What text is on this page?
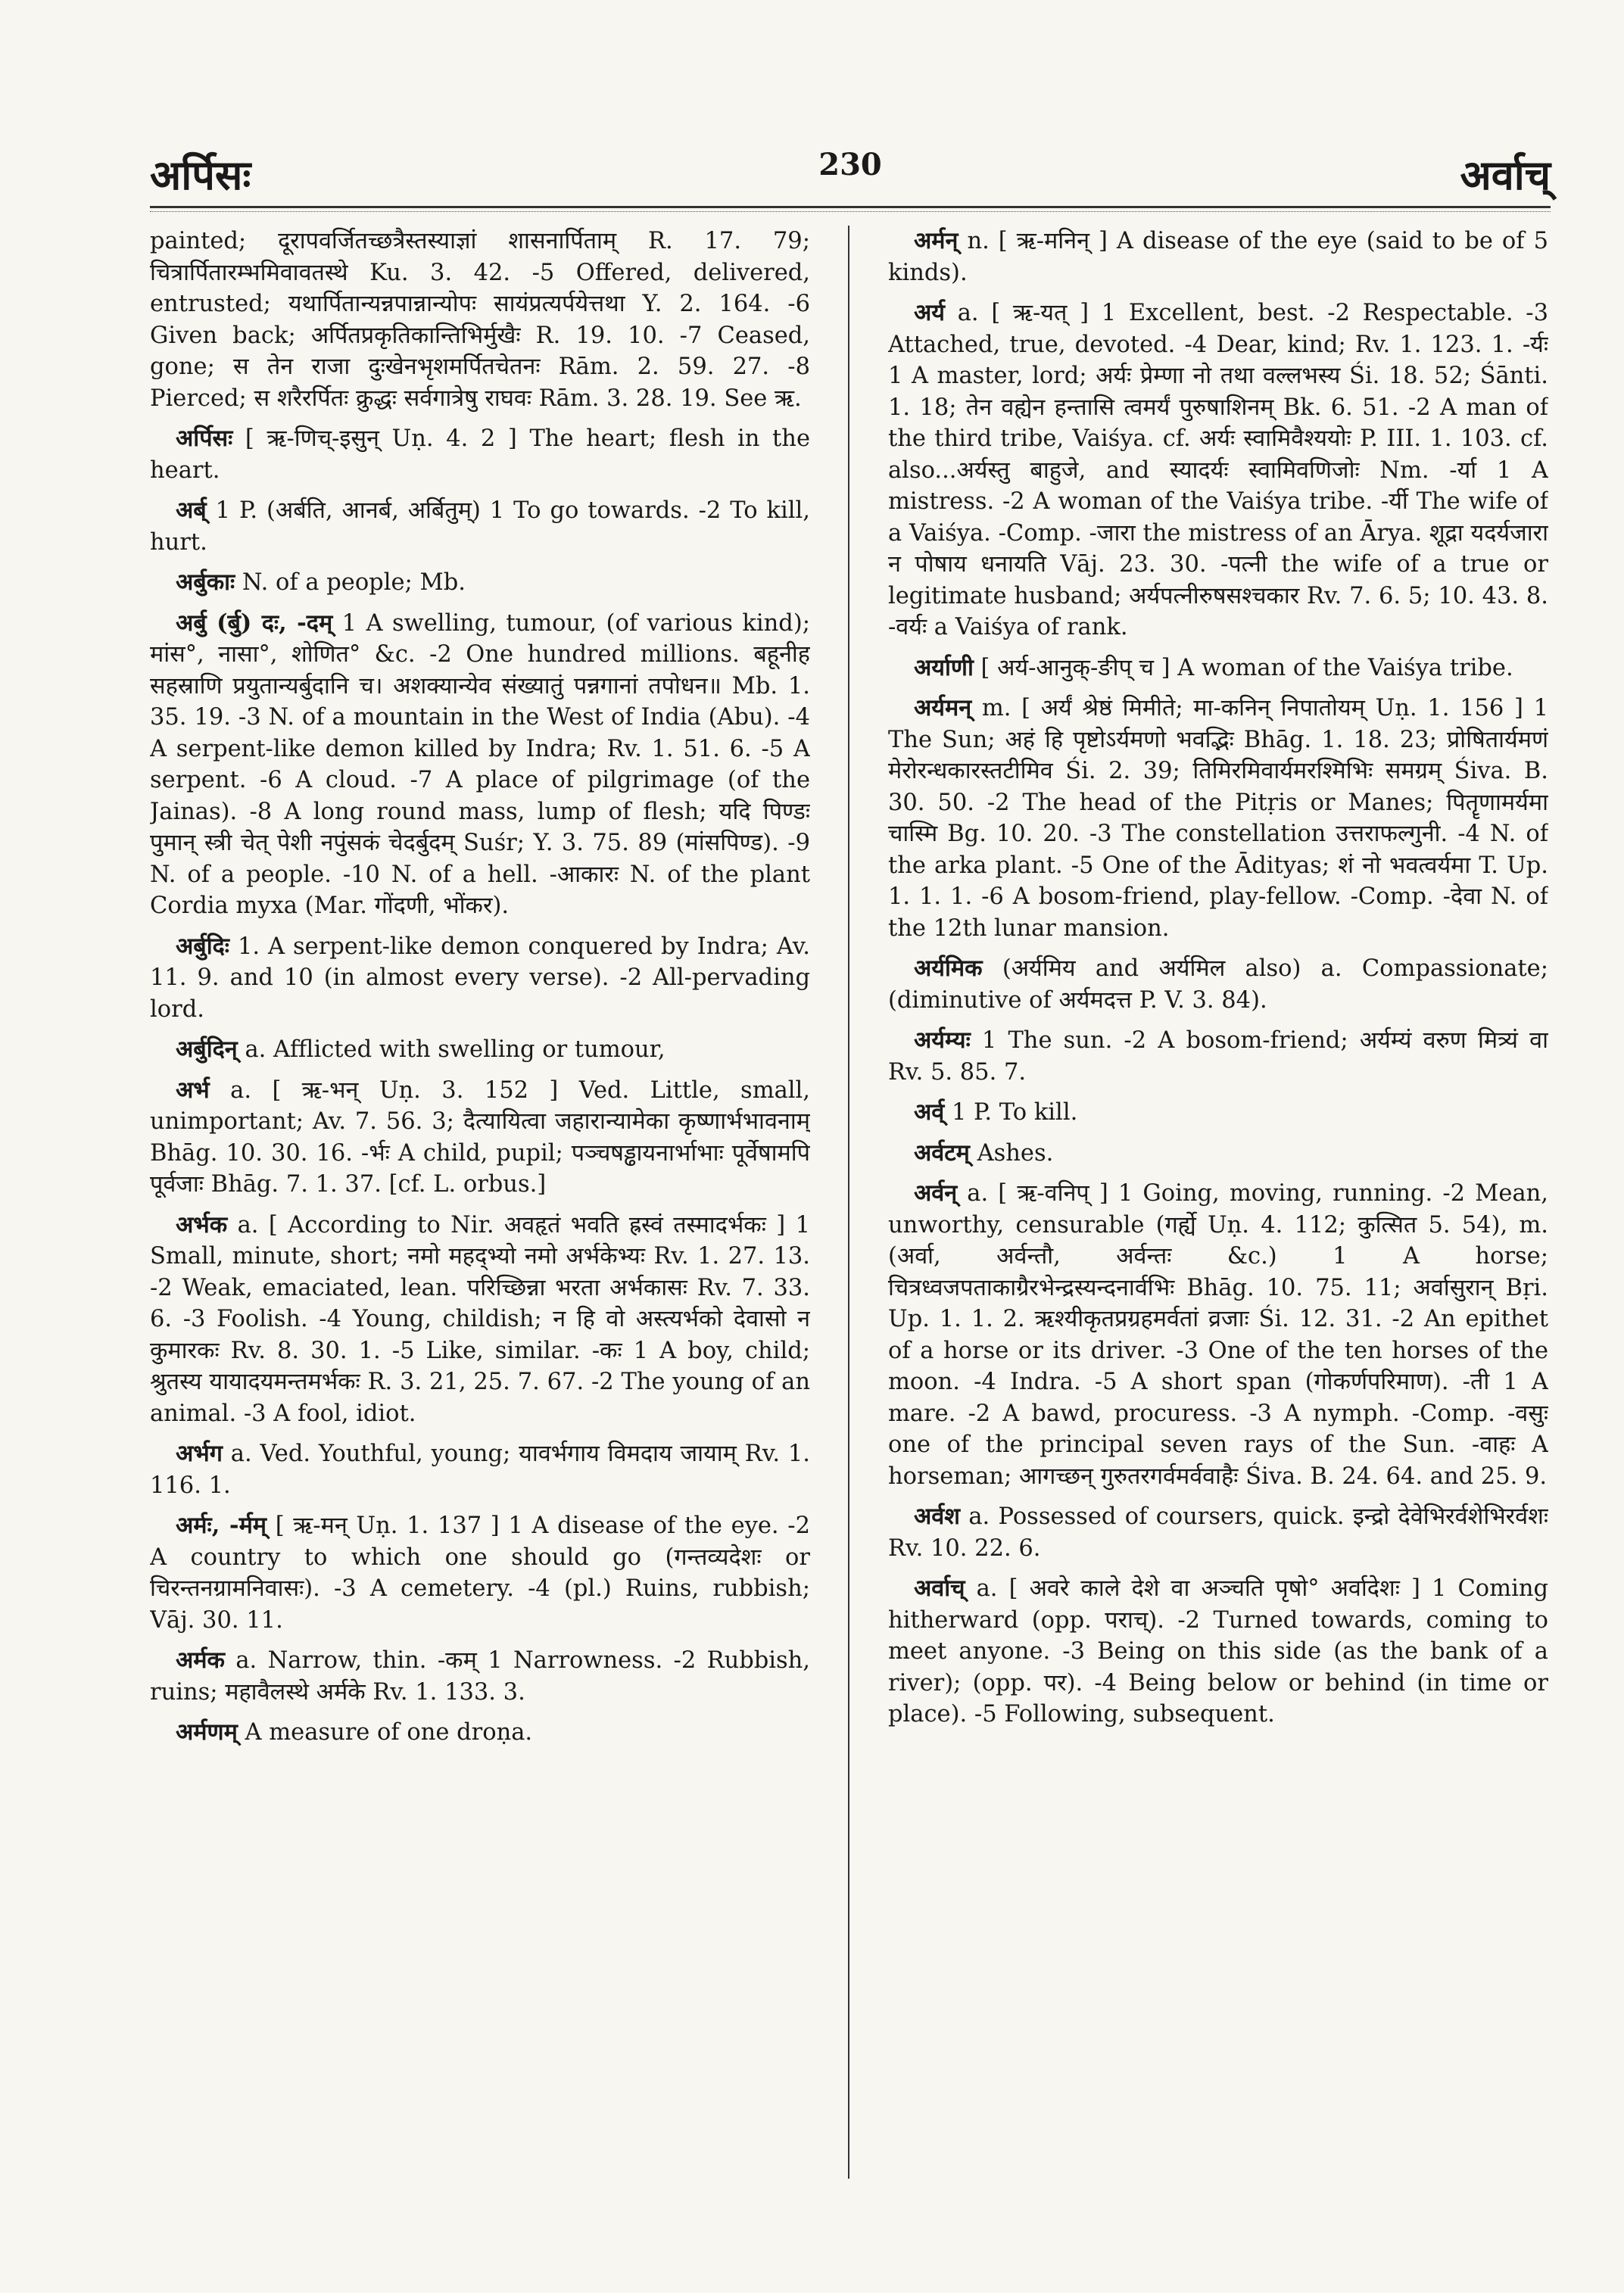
अर्पिसः	230	अर्वाच्

painted; दूरापवर्जितच्छत्रैस्तस्याज्ञां शासनार्पिताम् R. 17. 79; चित्रार्पितारम्भमिवावतस्थे Ku. 3. 42. -5 Offered, delivered, entrusted; यथार्पितान्यन्नपान्नान्योपः सायंप्रत्यर्पयेत्तथा Y. 2. 164. -6 Given back; अर्पितप्रकृतिकान्तिभिर्मुखैः R. 19. 10. -7 Ceased, gone; स तेन राजा दुःखेनभृशमर्पितचेतनः Rām. 2. 59. 27. -8 Pierced; स शरैरर्पितः क्रुद्धः सर्वगात्रेषु राघवः Rām. 3. 28. 19. See ऋ.

अर्पिसः [ ऋ-णिच्-इसुन् Uṇ. 4. 2 ] The heart; flesh in the heart.

अर्ब् 1 P. (अर्बति, आनर्ब, अर्बितुम्) 1 To go towards. -2 To kill, hurt.

अर्बुकाः N. of a people; Mb.

अर्बु (र्बु) दः, -दम् 1 A swelling, tumour, (of various kind); मांस°, नासा°, शोणित° &c. -2 One hundred millions. बहूनीह सहस्राणि प्रयुतान्यर्बुदानि च। अशक्यान्येव संख्यातुं पन्नगानां तपोधन॥ Mb. 1. 35. 19. -3 N. of a mountain in the West of India (Abu). -4 A serpent-like demon killed by Indra; Rv. 1. 51. 6. -5 A serpent. -6 A cloud. -7 A place of pilgrimage (of the Jainas). -8 A long round mass, lump of flesh; यदि पिण्डः पुमान् स्त्री चेत् पेशी नपुंसकं चेदर्बुदम् Suśr; Y. 3. 75. 89 (मांसपिण्ड). -9 N. of a people. -10 N. of a hell. -आकारः N. of the plant Cordia myxa (Mar. गोंदणी, भोंकर).

अर्बुदिः 1. A serpent-like demon conquered by Indra; Av. 11. 9. and 10 (in almost every verse). -2 All-pervading lord.

अर्बुदिन् a. Afflicted with swelling or tumour,

अर्भ a. [ ऋ-भन् Uṇ. 3. 152 ] Ved. Little, small, unimportant; Av. 7. 56. 3; दैत्यायित्वा जहारान्यामेका कृष्णार्भभावनाम् Bhāg. 10. 30. 16. -र्भः A child, pupil; पञ्चषड्ढायनार्भाभाः पूर्वेषामपि पूर्वजाः Bhāg. 7. 1. 37. [cf. L. orbus.]

अर्भक a. [ According to Nir. अवहृतं भवति ह्रस्वं तस्मादर्भकः ] 1 Small, minute, short; नमो महद्भ्यो नमो अर्भकेभ्यः Rv. 1. 27. 13. -2 Weak, emaciated, lean. परिच्छिन्ना भरता अर्भकासः Rv. 7. 33. 6. -3 Foolish. -4 Young, childish; न हि वो अस्त्यर्भको देवासो न कुमारकः Rv. 8. 30. 1. -5 Like, similar. -कः 1 A boy, child; श्रुतस्य यायादयमन्तमर्भकः R. 3. 21, 25. 7. 67. -2 The young of an animal. -3 A fool, idiot.

अर्भग a. Ved. Youthful, young; यावर्भगाय विमदाय जायाम् Rv. 1. 116. 1.

अर्मः, -र्मम् [ ऋ-मन् Uṇ. 1. 137 ] 1 A disease of the eye. -2 A country to which one should go (गन्तव्यदेशः or चिरन्तनग्रामनिवासः). -3 A cemetery. -4 (pl.) Ruins, rubbish; Vāj. 30. 11.

अर्मक a. Narrow, thin. -कम् 1 Narrowness. -2 Rubbish, ruins; महावैलस्थे अर्मके Rv. 1. 133. 3.

अर्मणम् A measure of one droṇa.

अर्मन् n. [ ऋ-मनिन् ] A disease of the eye (said to be of 5 kinds).

अर्य a. [ ऋ-यत् ] 1 Excellent, best. -2 Respectable. -3 Attached, true, devoted. -4 Dear, kind; Rv. 1. 123. 1. -र्यः 1 A master, lord; अर्यः प्रेम्णा नो तथा वल्लभस्य Śi. 18. 52; Śānti. 1. 18; तेन वह्येन हन्तासि त्वमर्यं पुरुषाशिनम् Bk. 6. 51. -2 A man of the third tribe, Vaiśya. cf. अर्यः स्वामिवैश्ययोः P. III. 1. 103. cf. also...अर्यस्तु बाहुजे, and स्यादर्यः स्वामिवणिजोः Nm. -र्या 1 A mistress. -2 A woman of the Vaiśya tribe. -र्यी The wife of a Vaiśya. -Comp. -जारा the mistress of an Ārya. शूद्रा यदर्यजारा न पोषाय धनायति Vāj. 23. 30. -पत्नी the wife of a true or legitimate husband; अर्यपत्नीरुषसश्चकार Rv. 7. 6. 5; 10. 43. 8. -वर्यः a Vaiśya of rank.

अर्याणी [ अर्य-आनुक्-ङीप् च ] A woman of the Vaiśya tribe.

अर्यमन् m. [ अर्यं श्रेष्ठं मिमीते; मा-कनिन् निपातोयम् Uṇ. 1. 156 ] 1 The Sun; अहं हि पृष्टोऽर्यमणो भवद्भिः Bhāg. 1. 18. 23; प्रोषितार्यमणं मेरोरन्धकारस्तटीमिव Śi. 2. 39; तिमिरमिवार्यमरश्मिभिः समग्रम् Śiva. B. 30. 50. -2 The head of the Pitṛis or Manes; पितॄणामर्यमा चास्मि Bg. 10. 20. -3 The constellation उत्तराफल्गुनी. -4 N. of the arka plant. -5 One of the Ādityas; शं नो भवत्वर्यमा T. Up. 1. 1. 1. -6 A bosom-friend, play-fellow. -Comp. -देवा N. of the 12th lunar mansion.

अर्यमिक (अर्यमिय and अर्यमिल also) a. Compassionate; (diminutive of अर्यमदत्त P. V. 3. 84).

अर्यम्यः 1 The sun. -2 A bosom-friend; अर्यम्यं वरुण मित्र्यं वा Rv. 5. 85. 7.

अर्व् 1 P. To kill.

अर्वटम् Ashes.

अर्वन् a. [ ऋ-वनिप् ] 1 Going, moving, running. -2 Mean, unworthy, censurable (गर्ह्ये Uṇ. 4. 112; कुत्सित 5. 54), m. (अर्वा, अर्वन्तौ, अर्वन्तः &c.) 1 A horse; चित्रध्वजपताकाग्रैरभेन्द्रस्यन्दनार्वभिः Bhāg. 10. 75. 11; अर्वासुरान् Bṛi. Up. 1. 1. 2. ऋश्यीकृतप्रग्रहमर्वतां व्रजाः Śi. 12. 31. -2 An epithet of a horse or its driver. -3 One of the ten horses of the moon. -4 Indra. -5 A short span (गोकर्णपरिमाण). -ती 1 A mare. -2 A bawd, procuress. -3 A nymph. -Comp. -वसुः one of the principal seven rays of the Sun. -वाहः A horseman; आगच्छन् गुरुतरगर्वमर्ववाहैः Śiva. B. 24. 64. and 25. 9.

अर्वश a. Possessed of coursers, quick. इन्द्रो देवेभिरर्वशेभिरर्वशः Rv. 10. 22. 6.

अर्वाच् a. [ अवरे काले देशे वा अञ्चति पृषो° अर्वादेशः ] 1 Coming hitherward (opp. पराच्). -2 Turned towards, coming to meet anyone. -3 Being on this side (as the bank of a river); (opp. पर). -4 Being below or behind (in time or place). -5 Following, subsequent.
